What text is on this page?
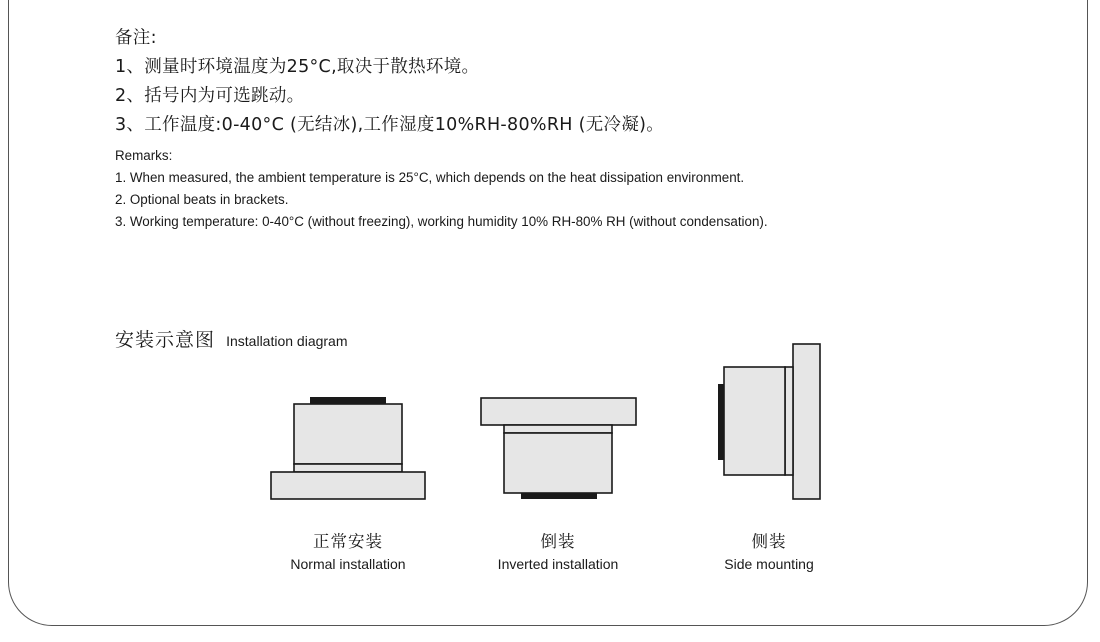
备注:
1、测量时环境温度为25°C,取决于散热环境。
2、括号内为可选跳动。
3、工作温度:0-40°C (无结冰),工作湿度10%RH-80%RH (无冷凝)。
Remarks:
1. When measured, the ambient temperature is 25°C, which depends on the heat dissipation environment.
2. Optional beats in brackets.
3. Working temperature: 0-40°C (without freezing), working humidity 10% RH-80% RH (without condensation).
安装示意图 Installation diagram
正常安装
Normal installation
倒装
Inverted installation
侧装
Side mounting
